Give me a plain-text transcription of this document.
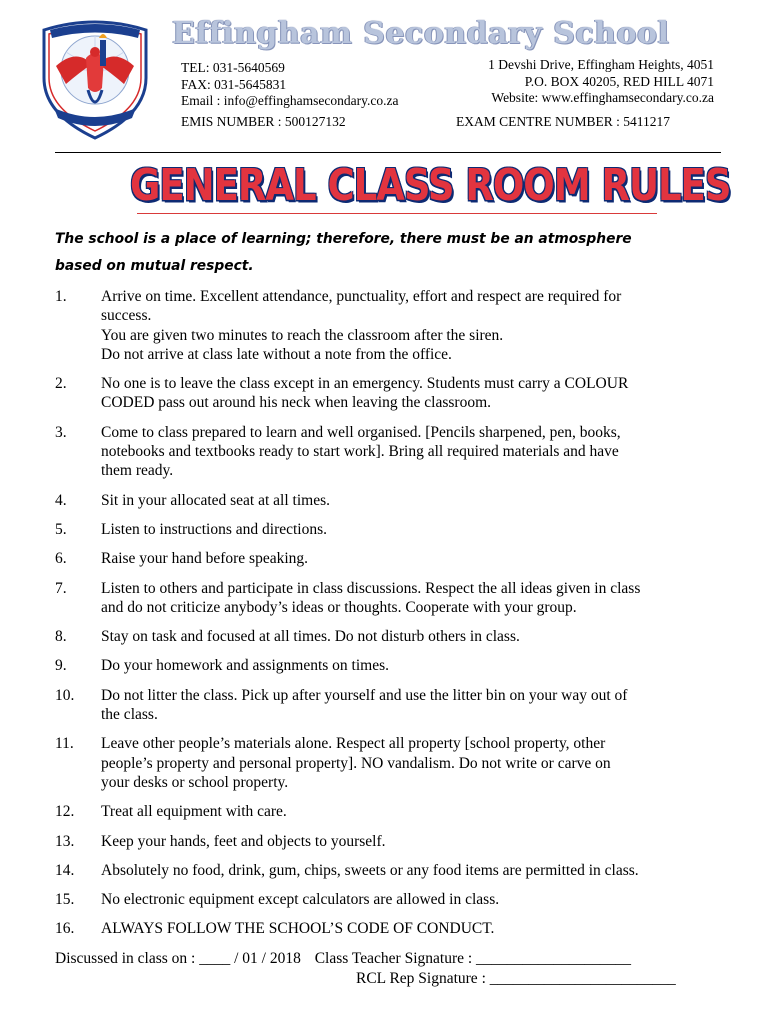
Effingham Secondary School
TEL: 031-5640569
FAX: 031-5645831
Email : info@effinghamsecondary.co.za
1 Devshi Drive, Effingham Heights, 4051
P.O. BOX 40205, RED HILL 4071
Website: www.effinghamsecondary.co.za
EMIS NUMBER : 500127132	EXAM CENTRE NUMBER : 5411217
GENERAL CLASS ROOM RULES
The school is a place of learning; therefore, there must be an atmosphere
based on mutual respect.
1.	Arrive on time. Excellent attendance, punctuality, effort and respect are required for
success.
You are given two minutes to reach the classroom after the siren.
Do not arrive at class late without a note from the office.
2.	No one is to leave the class except in an emergency. Students must carry a COLOUR
CODED pass out around his neck when leaving the classroom.
3.	Come to class prepared to learn and well organised. [Pencils sharpened, pen, books,
notebooks and textbooks ready to start work]. Bring all required materials and have
them ready.
4.	Sit in your allocated seat at all times.
5.	Listen to instructions and directions.
6.	Raise your hand before speaking.
7.	Listen to others and participate in class discussions. Respect the all ideas given in class
and do not criticize anybody’s ideas or thoughts. Cooperate with your group.
8.	Stay on task and focused at all times. Do not disturb others in class.
9.	Do your homework and assignments on times.
10.	Do not litter the class. Pick up after yourself and use the litter bin on your way out of
the class.
11.	Leave other people’s materials alone. Respect all property [school property, other
people’s property and personal property]. NO vandalism. Do not write or carve on
your desks or school property.
12.	Treat all equipment with care.
13.	Keep your hands, feet and objects to yourself.
14.	Absolutely no food, drink, gum, chips, sweets or any food items are permitted in class.
15.	No electronic equipment except calculators are allowed in class.
16.	ALWAYS FOLLOW THE SCHOOL’S CODE OF CONDUCT.
Discussed in class on : ____ / 01 / 2018 Class Teacher Signature : ____________________
RCL Rep Signature : ________________________
